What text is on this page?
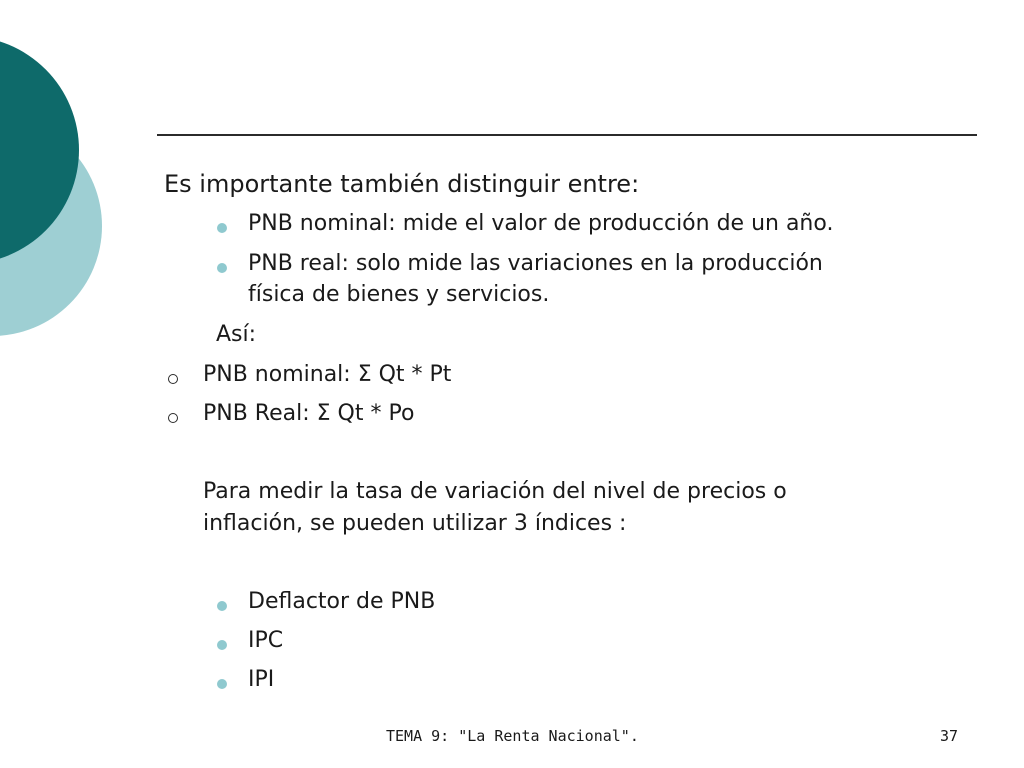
Es importante también distinguir entre:
PNB nominal: mide el valor de producción de un año.
PNB real: solo mide las variaciones en la producción
física de bienes y servicios.
Así:
PNB nominal: Σ Qt * Pt
PNB Real: Σ Qt * Po
Para medir la tasa de variación del nivel de precios o
inflación, se pueden utilizar 3 índices :
Deflactor de PNB
IPC
IPI
TEMA 9: "La Renta Nacional".	37
